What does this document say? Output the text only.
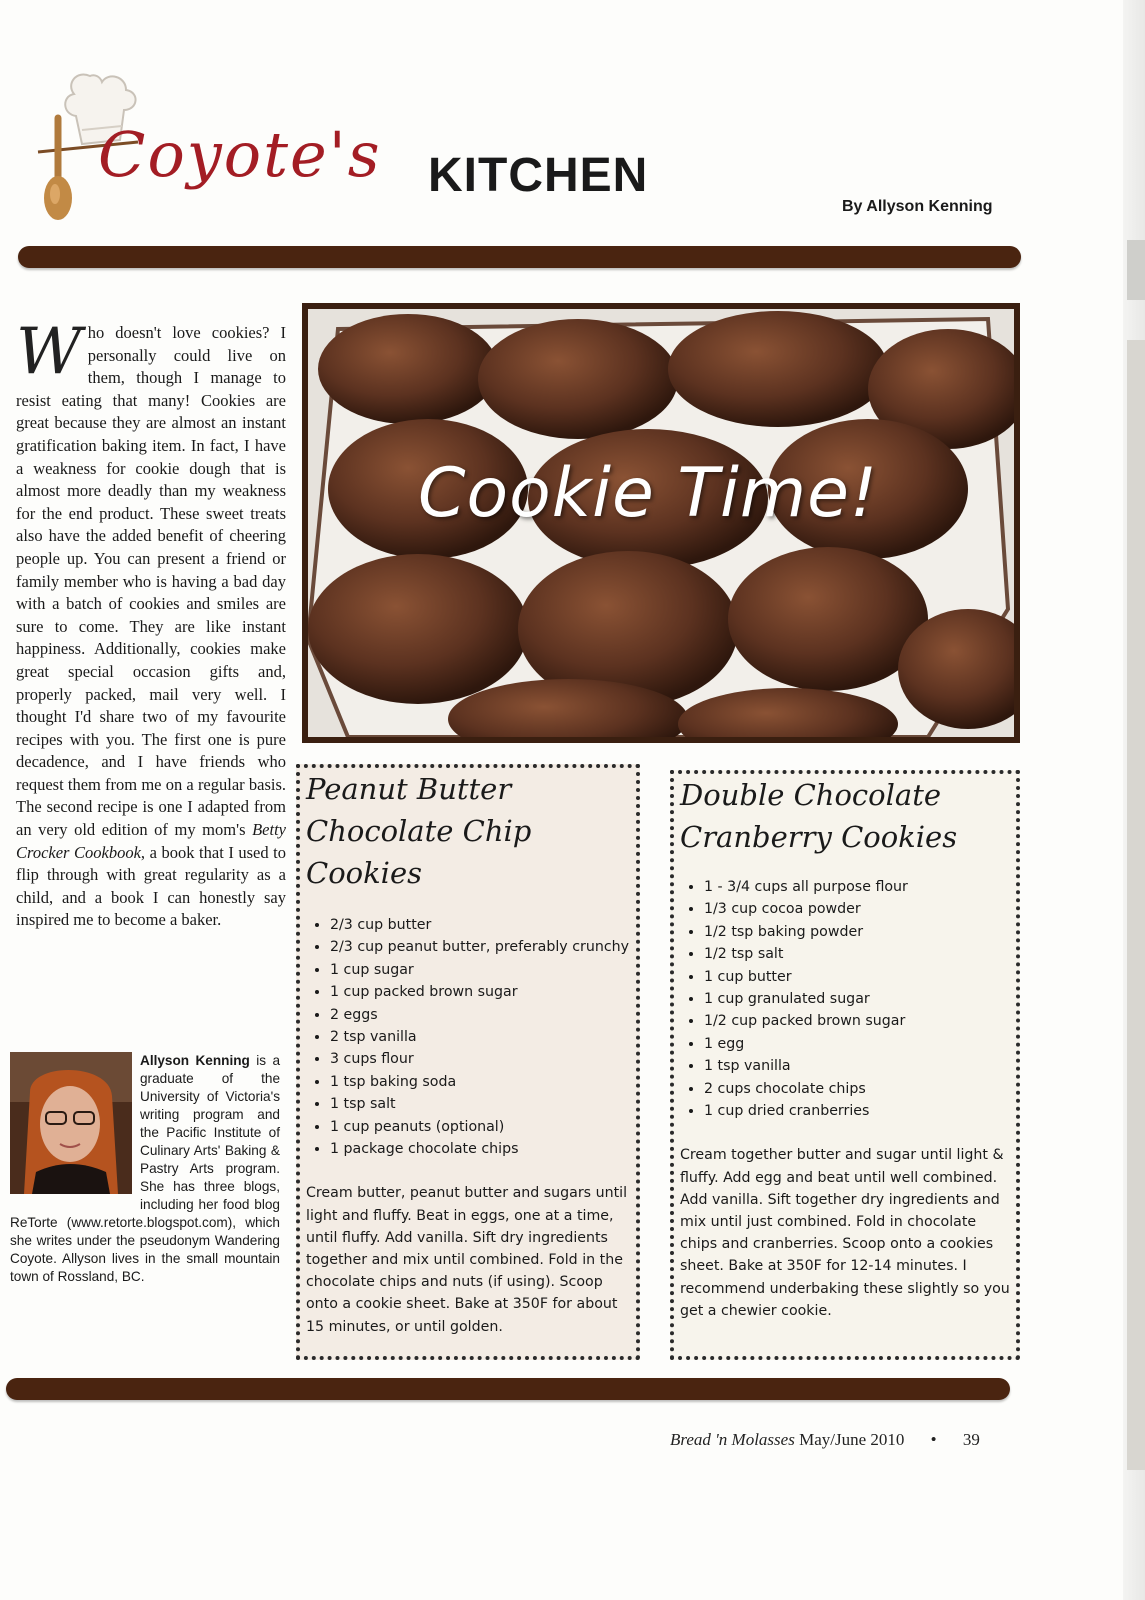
Coyote's KITCHEN
By Allyson Kenning
Who doesn't love cookies? I personally could live on them, though I manage to resist eating that many! Cookies are great because they are almost an instant gratification baking item. In fact, I have a weakness for cookie dough that is almost more deadly than my weakness for the end product. These sweet treats also have the added benefit of cheering people up. You can present a friend or family member who is having a bad day with a batch of cookies and smiles are sure to come. They are like instant happiness. Additionally, cookies make great special occasion gifts and, properly packed, mail very well. I thought I'd share two of my favourite recipes with you. The first one is pure decadence, and I have friends who request them from me on a regular basis. The second recipe is one I adapted from an very old edition of my mom's Betty Crocker Cookbook, a book that I used to flip through with great regularity as a child, and a book I can honestly say inspired me to become a baker.
Allyson Kenning is a graduate of the University of Victoria's writing program and the Pacific Institute of Culinary Arts' Baking & Pastry Arts program. She has three blogs, including her food blog ReTorte (www.retorte.blogspot.com), which she writes under the pseudonym Wandering Coyote. Allyson lives in the small mountain town of Rossland, BC.
Cookie Time!
Peanut Butter
Chocolate Chip Cookies
• 2/3 cup butter
• 2/3 cup peanut butter, preferably crunchy
• 1 cup sugar
• 1 cup packed brown sugar
• 2 eggs
• 2 tsp vanilla
• 3 cups flour
• 1 tsp baking soda
• 1 tsp salt
• 1 cup peanuts (optional)
• 1 package chocolate chips

Cream butter, peanut butter and sugars until light and fluffy. Beat in eggs, one at a time, until fluffy. Add vanilla. Sift dry ingredients together and mix until combined. Fold in the chocolate chips and nuts (if using). Scoop onto a cookie sheet. Bake at 350F for about 15 minutes, or until golden.

Double Chocolate
Cranberry Cookies
• 1 - 3/4 cups all purpose flour
• 1/3 cup cocoa powder
• 1/2 tsp baking powder
• 1/2 tsp salt
• 1 cup butter
• 1 cup granulated sugar
• 1/2 cup packed brown sugar
• 1 egg
• 1 tsp vanilla
• 2 cups chocolate chips
• 1 cup dried cranberries

Cream together butter and sugar until light & fluffy. Add egg and beat until well combined. Add vanilla. Sift together dry ingredients and mix until just combined. Fold in chocolate chips and cranberries. Scoop onto a cookies sheet. Bake at 350F for 12-14 minutes. I recommend underbaking these slightly so you get a chewier cookie.

Bread 'n Molasses May/June 2010 • 39
